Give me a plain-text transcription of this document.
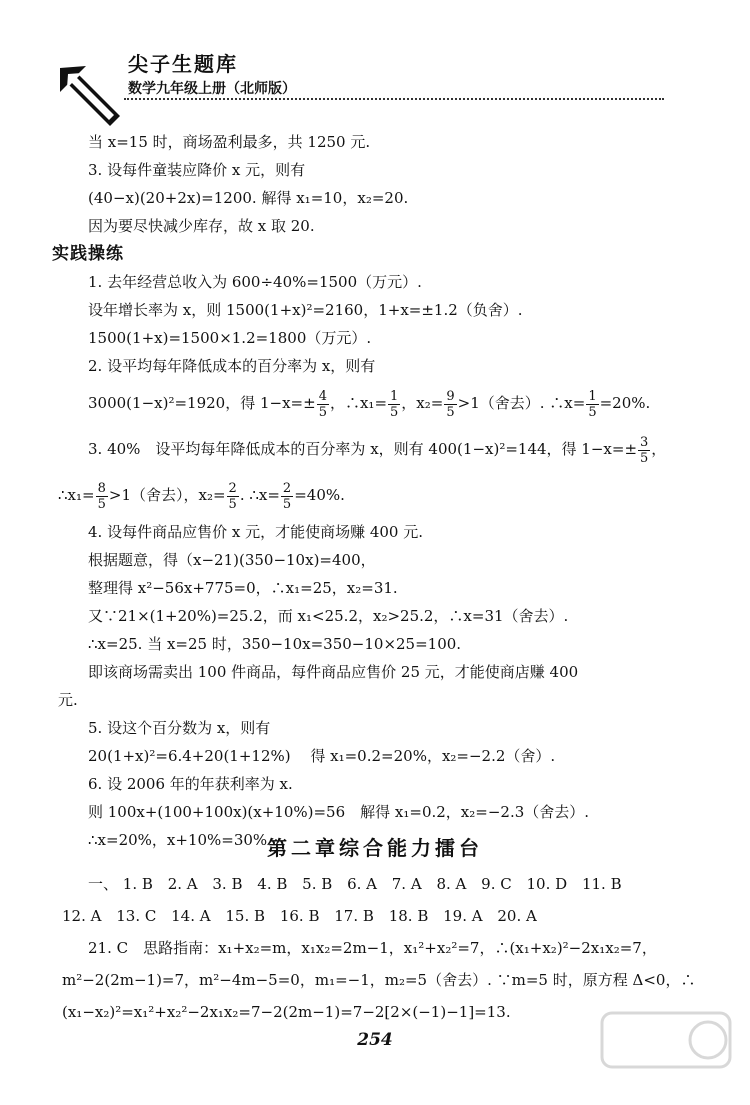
尖子生题库
数学九年级上册（北师版）
当 x=15 时，商场盈利最多，共 1250 元.
3. 设每件童装应降价 x 元，则有
(40−x)(20+2x)=1200. 解得 x₁=10，x₂=20.
因为要尽快减少库存，故 x 取 20.
实践操练
1. 去年经营总收入为 600÷40%=1500（万元）.
设年增长率为 x，则 1500(1+x)²=2160，1+x=±1.2（负舍）.
1500(1+x)=1500×1.2=1800（万元）.
2. 设平均每年降低成本的百分率为 x，则有
3000(1−x)²=1920，得 $1-x=\pm \frac{4}{5}$ ，∴x₁= $\frac{1}{5}$ ，$x_2= \frac{9}{5} >1$（舍去）. ∴x= $\frac{1}{5} =20\%$.
3. 40%　设平均每年降低成本的百分率为 x，则有 400(1−x)²=144，得 $1-x=\pm \frac{3}{5}$ ，
∴x₁= $\frac{8}{5} >1$（舍去），$x_2= \frac{2}{5}$ . ∴x= $\frac{2}{5} =40\%$.
4. 设每件商品应售价 x 元，才能使商场赚 400 元.
根据题意，得（x−21)(350−10x)=400，
整理得 x²−56x+775=0，∴x₁=25，x₂=31.
又∵21×(1+20%)=25.2，而 x₁<25.2，x₂>25.2，∴x=31（舍去）.
∴x=25. 当 x=25 时，350−10x=350−10×25=100.
即该商场需卖出 100 件商品，每件商品应售价 25 元，才能使商店赚 400
元.
5. 设这个百分数为 x，则有
20(1+x)²=6.4+20(1+12%)　 得 x₁=0.2=20%，x₂=−2.2（舍）.
6. 设 2006 年的年获利率为 x.
则 100x+(100+100x)(x+10%)=56　解得 x₁=0.2，x₂=−2.3（舍去）.
∴x=20%，x+10%=30% 第二章综合能力擂台
一、 1. B 2. A 3. B 4. B 5. B 6. A 7. A 8. A 9. C 10. D 11. B
12. A 13. C 14. A 15. B 16. B 17. B 18. B 19. A 20. A
21. C　思路指南：x₁+x₂=m，x₁x₂=2m−1，x₁²+x₂²=7，∴(x₁+x₂)²−2x₁x₂=7，
m²−2(2m−1)=7，m²−4m−5=0，m₁=−1，m₂=5（舍去）. ∵m=5 时，原方程 Δ<0，∴
(x₁−x₂)²=x₁²+x₂²−2x₁x₂=7−2(2m−1)=7−2[2×(−1)−1]=13.
254
